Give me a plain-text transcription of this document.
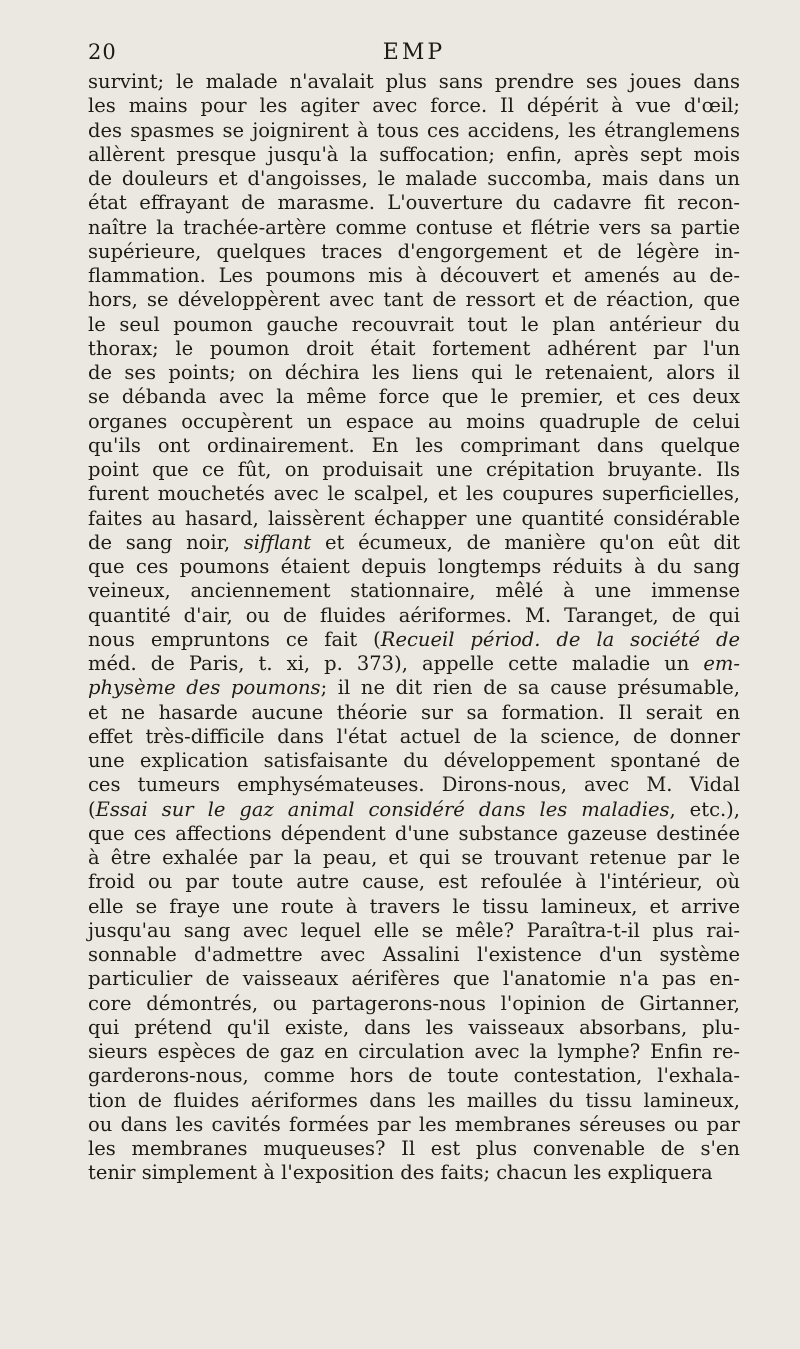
20	EMP
survint; le malade n'avalait plus sans prendre ses joues dans
les mains pour les agiter avec force. Il dépérit à vue d'œil;
des spasmes se joignirent à tous ces accidens, les étranglemens
allèrent presque jusqu'à la suffocation; enfin, après sept mois
de douleurs et d'angoisses, le malade succomba, mais dans un
état effrayant de marasme. L'ouverture du cadavre fit recon-
naître la trachée-artère comme contuse et flétrie vers sa partie
supérieure, quelques traces d'engorgement et de légère in-
flammation. Les poumons mis à découvert et amenés au de-
hors, se développèrent avec tant de ressort et de réaction, que
le seul poumon gauche recouvrait tout le plan antérieur du
thorax; le poumon droit était fortement adhérent par l'un
de ses points; on déchira les liens qui le retenaient, alors il
se débanda avec la même force que le premier, et ces deux
organes occupèrent un espace au moins quadruple de celui
qu'ils ont ordinairement. En les comprimant dans quelque
point que ce fût, on produisait une crépitation bruyante. Ils
furent mouchetés avec le scalpel, et les coupures superficielles,
faites au hasard, laissèrent échapper une quantité considérable
de sang noir, sifflant et écumeux, de manière qu'on eût dit
que ces poumons étaient depuis longtemps réduits à du sang
veineux, anciennement stationnaire, mêlé à une immense
quantité d'air, ou de fluides aériformes. M. Taranget, de qui
nous empruntons ce fait (Recueil périod. de la société de
méd. de Paris, t. xi, p. 373), appelle cette maladie un em-
physème des poumons; il ne dit rien de sa cause présumable,
et ne hasarde aucune théorie sur sa formation. Il serait en
effet très-difficile dans l'état actuel de la science, de donner
une explication satisfaisante du développement spontané de
ces tumeurs emphysémateuses. Dirons-nous, avec M. Vidal
(Essai sur le gaz animal considéré dans les maladies, etc.),
que ces affections dépendent d'une substance gazeuse destinée
à être exhalée par la peau, et qui se trouvant retenue par le
froid ou par toute autre cause, est refoulée à l'intérieur, où
elle se fraye une route à travers le tissu lamineux, et arrive
jusqu'au sang avec lequel elle se mêle? Paraîtra-t-il plus rai-
sonnable d'admettre avec Assalini l'existence d'un système
particulier de vaisseaux aérifères que l'anatomie n'a pas en-
core démontrés, ou partagerons-nous l'opinion de Girtanner,
qui prétend qu'il existe, dans les vaisseaux absorbans, plu-
sieurs espèces de gaz en circulation avec la lymphe? Enfin re-
garderons-nous, comme hors de toute contestation, l'exhala-
tion de fluides aériformes dans les mailles du tissu lamineux,
ou dans les cavités formées par les membranes séreuses ou par
les membranes muqueuses? Il est plus convenable de s'en
tenir simplement à l'exposition des faits; chacun les expliquera
